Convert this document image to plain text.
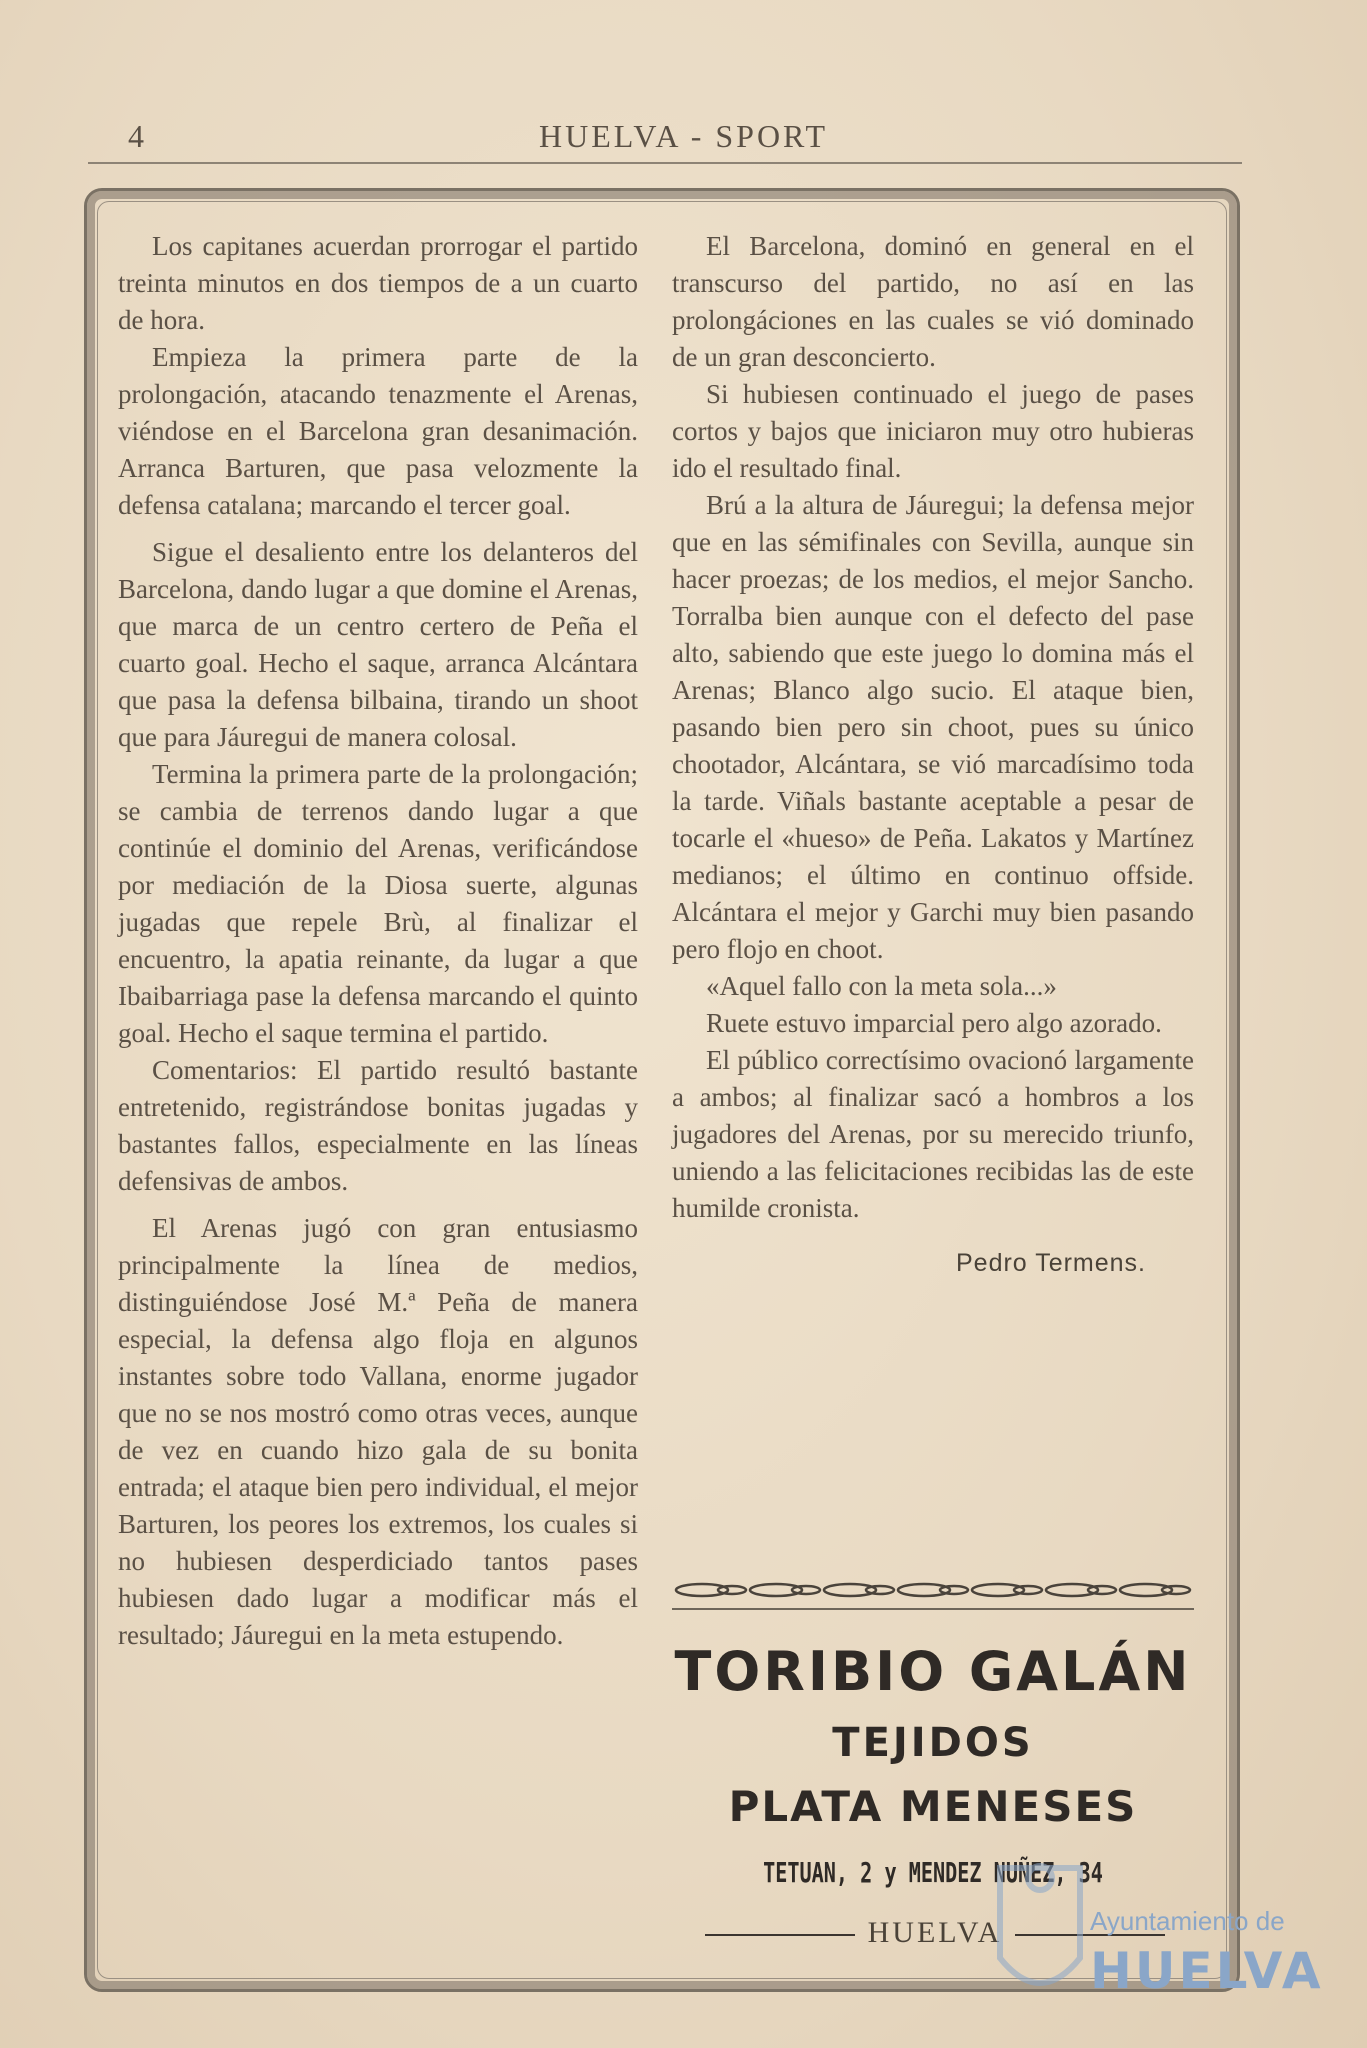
4	HUELVA - SPORT

Los capitanes acuerdan prorrogar el partido treinta minutos en dos tiempos de a un cuarto de hora.

Empieza la primera parte de la prolongación, atacando tenazmente el Arenas, viéndose en el Barcelona gran desanimación. Arranca Barturen, que pasa velozmente la defensa catalana; marcando el tercer goal.

Sigue el desaliento entre los delanteros del Barcelona, dando lugar a que domine el Arenas, que marca de un centro certero de Peña el cuarto goal. Hecho el saque, arranca Alcántara que pasa la defensa bilbaina, tirando un shoot que para Jáuregui de manera colosal.

Termina la primera parte de la prolongación; se cambia de terrenos dando lugar a que continúe el dominio del Arenas, verificándose por mediación de la Diosa suerte, algunas jugadas que repele Brù, al finalizar el encuentro, la apatia reinante, da lugar a que Ibaibarriaga pase la defensa marcando el quinto goal. Hecho el saque termina el partido.

Comentarios: El partido resultó bastante entretenido, registrándose bonitas jugadas y bastantes fallos, especialmente en las líneas defensivas de ambos.

El Arenas jugó con gran entusiasmo principalmente la línea de medios, distinguiéndose José M.ª Peña de manera especial, la defensa algo floja en algunos instantes sobre todo Vallana, enorme jugador que no se nos mostró como otras veces, aunque de vez en cuando hizo gala de su bonita entrada; el ataque bien pero individual, el mejor Barturen, los peores los extremos, los cuales si no hubiesen desperdiciado tantos pases hubiesen dado lugar a modificar más el resultado; Jáuregui en la meta estupendo.

El Barcelona, dominó en general en el transcurso del partido, no así en las prolongáciones en las cuales se vió dominado de un gran desconcierto.

Si hubiesen continuado el juego de pases cortos y bajos que iniciaron muy otro hubieras ido el resultado final.

Brú a la altura de Jáuregui; la defensa mejor que en las sémifinales con Sevilla, aunque sin hacer proezas; de los medios, el mejor Sancho. Torralba bien aunque con el defecto del pase alto, sabiendo que este juego lo domina más el Arenas; Blanco algo sucio. El ataque bien, pasando bien pero sin choot, pues su único chootador, Alcántara, se vió marcadísimo toda la tarde. Viñals bastante aceptable a pesar de tocarle el «hueso» de Peña. Lakatos y Martínez medianos; el último en continuo offside. Alcántara el mejor y Garchi muy bien pasando pero flojo en choot.

«Aquel fallo con la meta sola...»

Ruete estuvo imparcial pero algo azorado.

El público correctísimo ovacionó largamente a ambos; al finalizar sacó a hombros a los jugadores del Arenas, por su merecido triunfo, uniendo a las felicitaciones recibidas las de este humilde cronista.

Pedro Termens.
TORIBIO GALÁN
TEJIDOS
PLATA MENESES
TETUAN, 2 y MENDEZ NUÑEZ, 34
HUELVA	Ayuntamiento de
HUELVA
